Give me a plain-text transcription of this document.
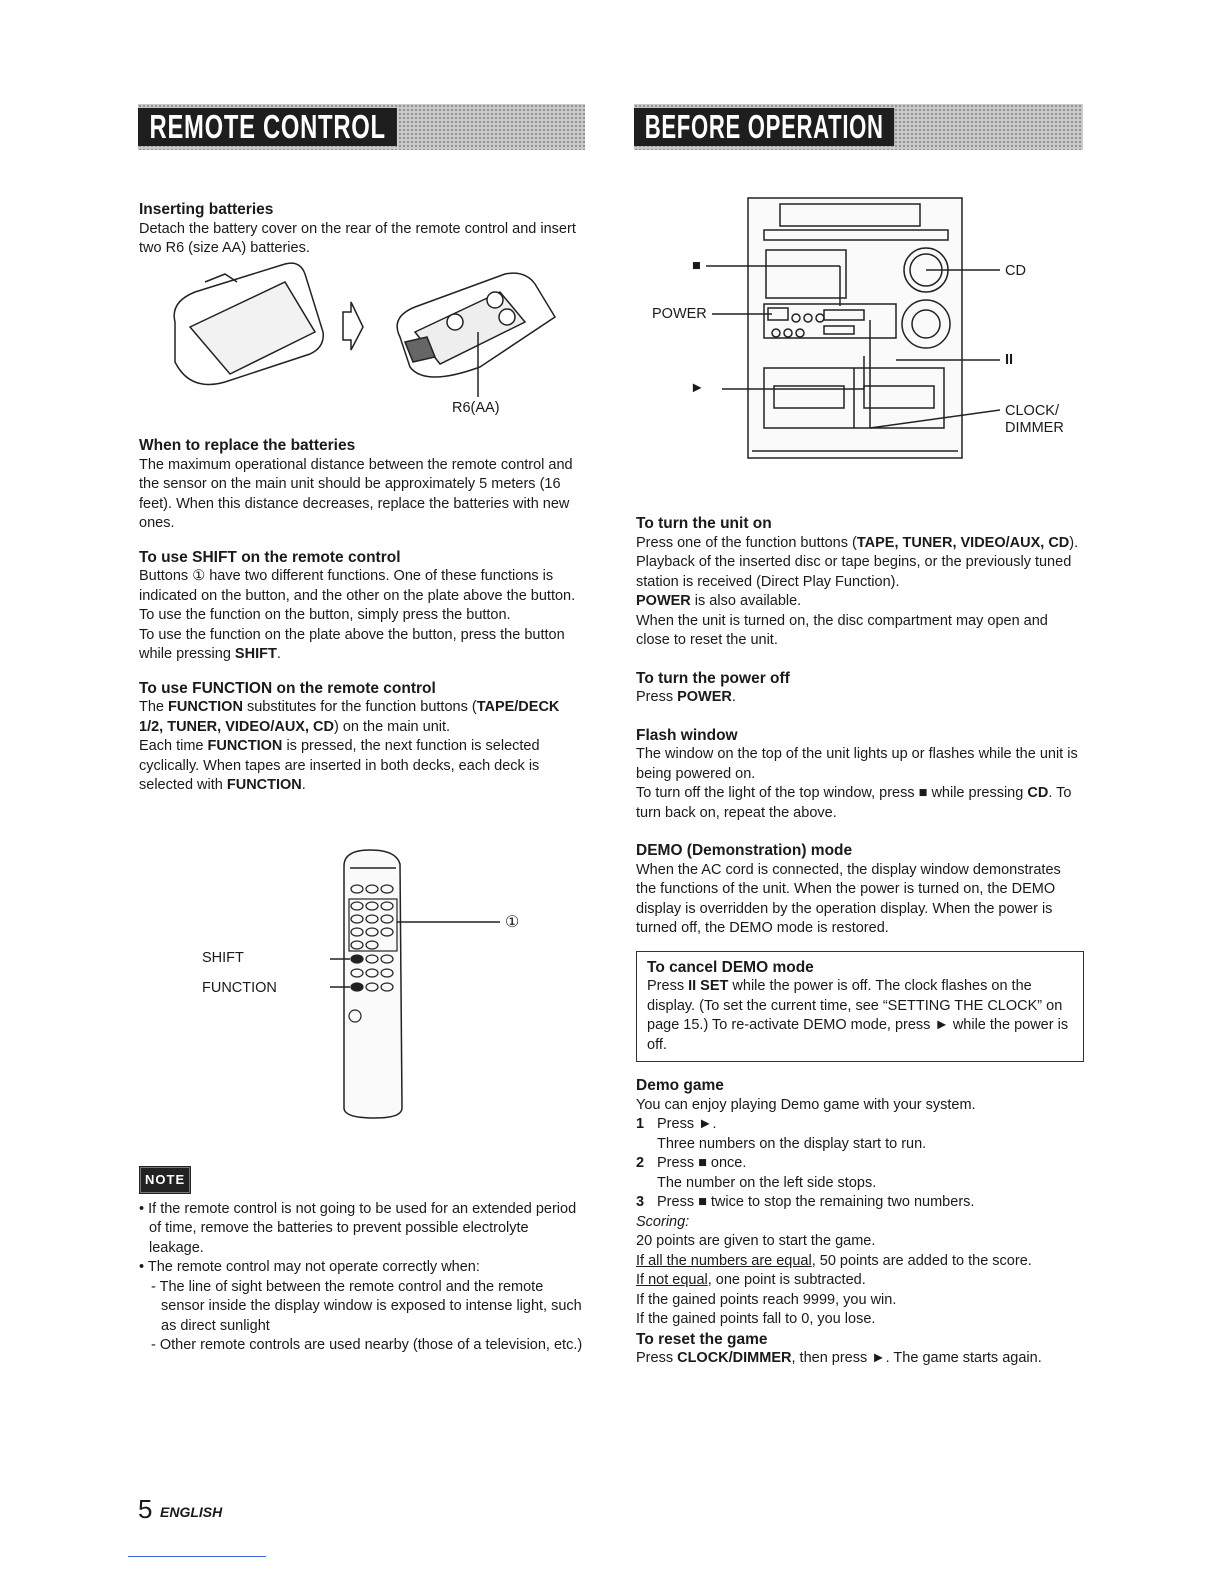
REMOTE CONTROL	BEFORE OPERATION

Inserting batteries

Detach the battery cover on the rear of the remote control and insert two R6 (size AA) batteries.

R6(AA)

When to replace the batteries

The maximum operational distance between the remote control and the sensor on the main unit should be approximately 5 meters (16 feet). When this distance decreases, replace the batteries with new ones.

To use SHIFT on the remote control

Buttons ① have two different functions. One of these functions is indicated on the button, and the other on the plate above the button.

To use the function on the button, simply press the button.

To use the function on the plate above the button, press the button while pressing SHIFT.

To use FUNCTION on the remote control

The FUNCTION substitutes for the function buttons (TAPE/DECK 1/2, TUNER, VIDEO/AUX, CD) on the main unit.

Each time FUNCTION is pressed, the next function is selected cyclically. When tapes are inserted in both decks, each deck is selected with FUNCTION.

①
SHIFT
FUNCTION
NOTE

• If the remote control is not going to be used for an extended period of time, remove the batteries to prevent possible electrolyte leakage.

• The remote control may not operate correctly when:

- The line of sight between the remote control and the remote sensor inside the display window is exposed to intense light, such as direct sunlight

- Other remote controls are used nearby (those of a television, etc.)

■
POWER
►
CD
II
CLOCK/
DIMMER

To turn the unit on

Press one of the function buttons (TAPE, TUNER, VIDEO/AUX, CD). Playback of the inserted disc or tape begins, or the previously tuned station is received (Direct Play Function).

POWER is also available.

When the unit is turned on, the disc compartment may open and close to reset the unit.

To turn the power off

Press POWER.

Flash window

The window on the top of the unit lights up or flashes while the unit is being powered on.

To turn off the light of the top window, press ■ while pressing CD. To turn back on, repeat the above.

DEMO (Demonstration) mode

When the AC cord is connected, the display window demonstrates the functions of the unit. When the power is turned on, the DEMO display is overridden by the operation display. When the power is turned off, the DEMO mode is restored.

To cancel DEMO mode

Press II SET while the power is off. The clock flashes on the display. (To set the current time, see “SETTING THE CLOCK” on page 15.) To re-activate DEMO mode, press ► while the power is off.

Demo game

You can enjoy playing Demo game with your system.

1 Press ►.

Three numbers on the display start to run.

2 Press ■ once.

The number on the left side stops.

3 Press ■ twice to stop the remaining two numbers.

Scoring:

20 points are given to start the game.

If all the numbers are equal, 50 points are added to the score.

If not equal, one point is subtracted.

If the gained points reach 9999, you win.

If the gained points fall to 0, you lose.

To reset the game

Press CLOCK/DIMMER, then press ►. The game starts again.

5 ENGLISH
